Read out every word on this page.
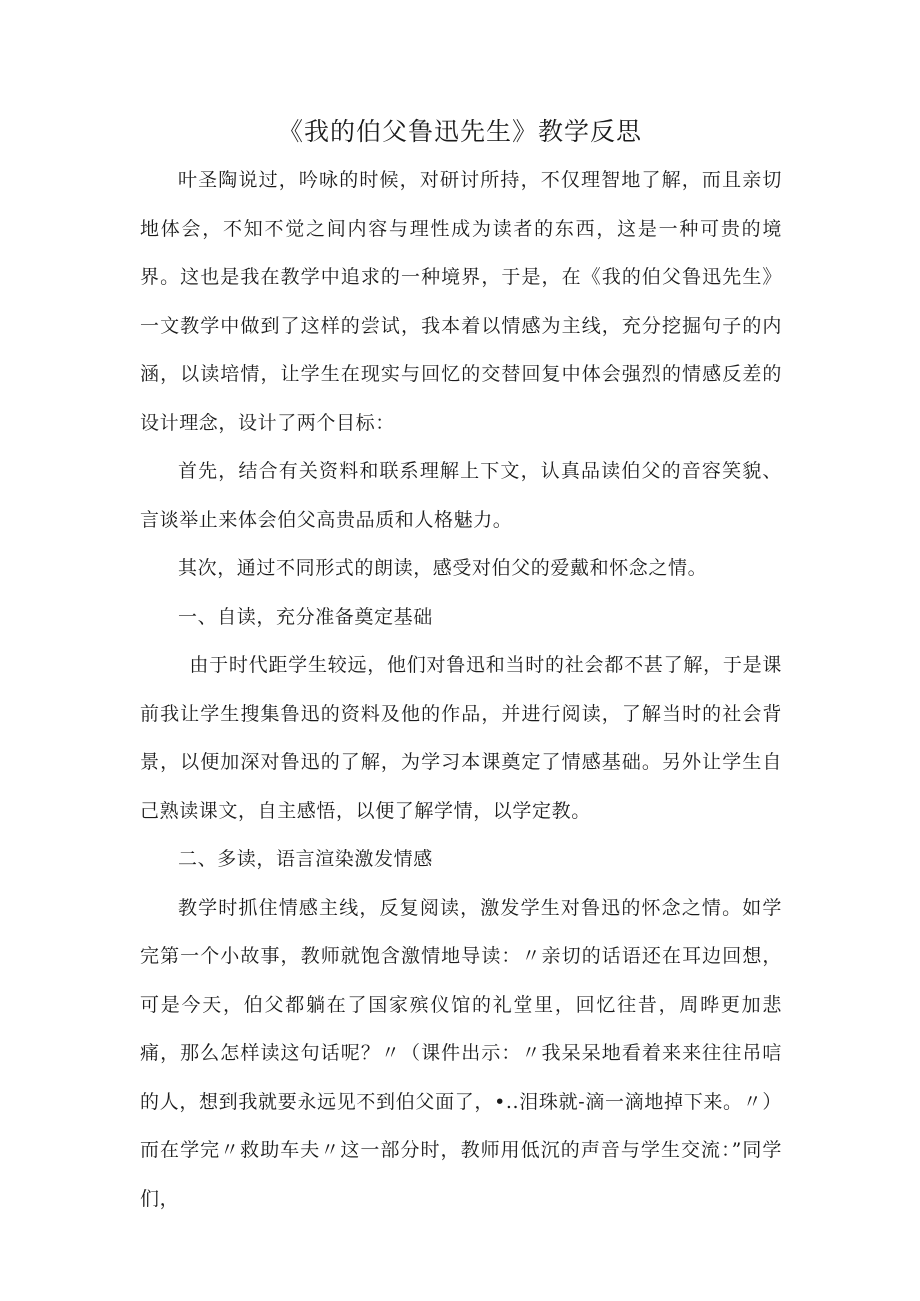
《我的伯父鲁迅先生》教学反思

叶圣陶说过，吟咏的时候，对研讨所持，不仅理智地了解，而且亲切地体会，不知不觉之间内容与理性成为读者的东西，这是一种可贵的境界。这也是我在教学中追求的一种境界，于是，在《我的伯父鲁迅先生》一文教学中做到了这样的尝试，我本着以情感为主线，充分挖掘句子的内涵，以读培情，让学生在现实与回忆的交替回复中体会强烈的情感反差的设计理念，设计了两个目标：

首先，结合有关资料和联系理解上下文，认真品读伯父的音容笑貌、言谈举止来体会伯父高贵品质和人格魅力。

其次，通过不同形式的朗读，感受对伯父的爱戴和怀念之情。

一、自读，充分准备奠定基础

由于时代距学生较远，他们对鲁迅和当时的社会都不甚了解，于是课前我让学生搜集鲁迅的资料及他的作品，并进行阅读，了解当时的社会背景，以便加深对鲁迅的了解，为学习本课奠定了情感基础。另外让学生自己熟读课文，自主感悟，以便了解学情，以学定教。

二、多读，语言渲染激发情感

教学时抓住情感主线，反复阅读，激发学生对鲁迅的怀念之情。如学完第一个小故事，教师就饱含激情地导读：〃亲切的话语还在耳边回想，可是今天，伯父都躺在了国家殡仪馆的礼堂里，回忆往昔，周晔更加悲痛，那么怎样读这句话呢？〃（课件出示：〃我呆呆地看着来来往往吊唁的人，想到我就要永远见不到伯父面了，•..泪珠就-滴一滴地掉下来。〃）而在学完〃救助车夫〃这一部分时，教师用低沉的声音与学生交流：”同学们，
